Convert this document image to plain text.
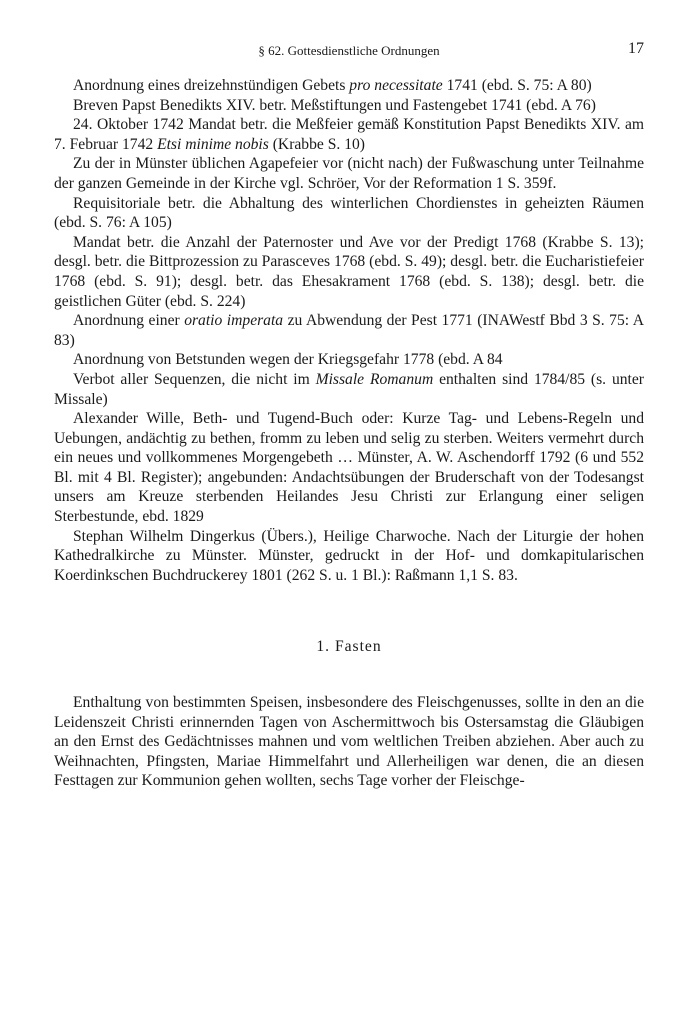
§ 62. Gottesdienstliche Ordnungen	17

Anordnung eines dreizehnstündigen Gebets pro necessitate 1741 (ebd. S. 75: A 80)

Breven Papst Benedikts XIV. betr. Meßstiftungen und Fastengebet 1741 (ebd. A 76)

24. Oktober 1742 Mandat betr. die Meßfeier gemäß Konstitution Papst Benedikts XIV. am 7. Februar 1742 Etsi minime nobis (Krabbe S. 10)

Zu der in Münster üblichen Agapefeier vor (nicht nach) der Fußwaschung unter Teilnahme der ganzen Gemeinde in der Kirche vgl. Schröer, Vor der Reformation 1 S. 359f.

Requisitoriale betr. die Abhaltung des winterlichen Chordienstes in geheizten Räumen (ebd. S. 76: A 105)

Mandat betr. die Anzahl der Paternoster und Ave vor der Predigt 1768 (Krabbe S. 13); desgl. betr. die Bittprozession zu Parasceves 1768 (ebd. S. 49); desgl. betr. die Eucharistiefeier 1768 (ebd. S. 91); desgl. betr. das Ehesakrament 1768 (ebd. S. 138); desgl. betr. die geistlichen Güter (ebd. S. 224)

Anordnung einer oratio imperata zu Abwendung der Pest 1771 (INAWestf Bbd 3 S. 75: A 83)

Anordnung von Betstunden wegen der Kriegsgefahr 1778 (ebd. A 84

Verbot aller Sequenzen, die nicht im Missale Romanum enthalten sind 1784/85 (s. unter Missale)

Alexander Wille, Beth- und Tugend-Buch oder: Kurze Tag- und Lebens-Regeln und Uebungen, andächtig zu bethen, fromm zu leben und selig zu sterben. Weiters vermehrt durch ein neues und vollkommenes Morgengebeth … Münster, A. W. Aschendorff 1792 (6 und 552 Bl. mit 4 Bl. Register); angebunden: Andachtsübungen der Bruderschaft von der Todesangst unsers am Kreuze sterbenden Heilandes Jesu Christi zur Erlangung einer seligen Sterbestunde, ebd. 1829

Stephan Wilhelm Dingerkus (Übers.), Heilige Charwoche. Nach der Liturgie der hohen Kathedralkirche zu Münster. Münster, gedruckt in der Hof- und domkapitularischen Koerdinkschen Buchdruckerey 1801 (262 S. u. 1 Bl.): Raßmann 1,1 S. 83.

1. Fasten

Enthaltung von bestimmten Speisen, insbesondere des Fleischgenusses, sollte in den an die Leidenszeit Christi erinnernden Tagen von Aschermittwoch bis Ostersamstag die Gläubigen an den Ernst des Gedächtnisses mahnen und vom weltlichen Treiben abziehen. Aber auch zu Weihnachten, Pfingsten, Mariae Himmelfahrt und Allerheiligen war denen, die an diesen Festtagen zur Kommunion gehen wollten, sechs Tage vorher der Fleischge-
